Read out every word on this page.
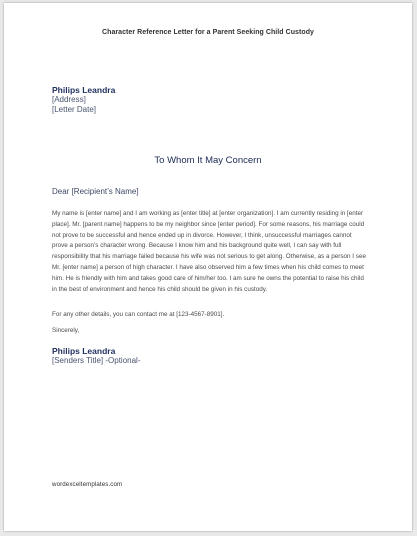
Character Reference Letter for a Parent Seeking Child Custody
Philips Leandra
[Address]
[Letter Date]
To Whom It May Concern
Dear [Recipient’s Name]
My name is [enter name] and I am working as [enter title] at [enter organization]. I am currently residing in [enter place]. Mr. [parent name] happens to be my neighbor since [enter period]. For some reasons, his marriage could not prove to be successful and hence ended up in divorce. However, I think, unsuccessful marriages cannot prove a person’s character wrong. Because I know him and his background quite well, I can say with full responsibility that his marriage failed because his wife was not serious to get along. Otherwise, as a person I see Mr. [enter name] a person of high character. I have also observed him a few times when his child comes to meet him. He is friendly with him and takes good care of him/her too. I am sure he owns the potential to raise his child in the best of environment and hence his child should be given in his custody.
For any other details, you can contact me at [123-4567-8901].
Sincerely,
Philips Leandra
[Senders Title] -Optional-
wordexceltemplates.com
